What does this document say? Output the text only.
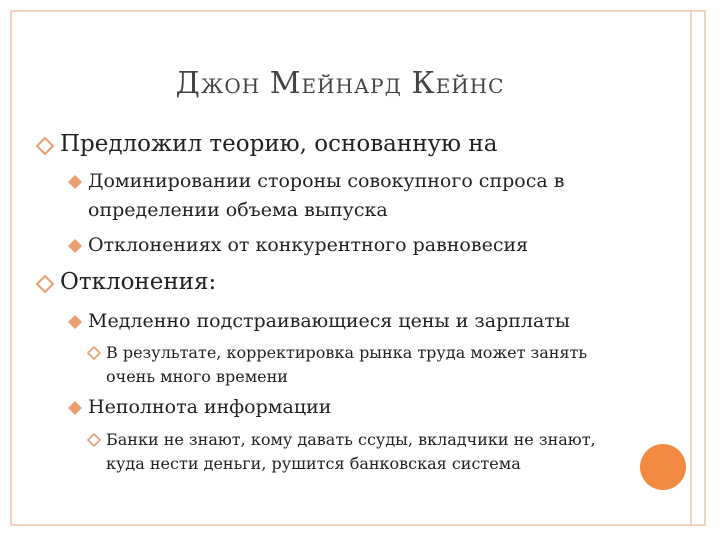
ДЖОН МЕЙНАРД КЕЙНС
Предложил теорию, основанную на
Доминировании стороны совокупного спроса в
определении объема выпуска
Отклонениях от конкурентного равновесия
Отклонения:
Медленно подстраивающиеся цены и зарплаты
В результате, корректировка рынка труда может занять
очень много времени
Неполнота информации
Банки не знают, кому давать ссуды, вкладчики не знают,
куда нести деньги, рушится банковская система
